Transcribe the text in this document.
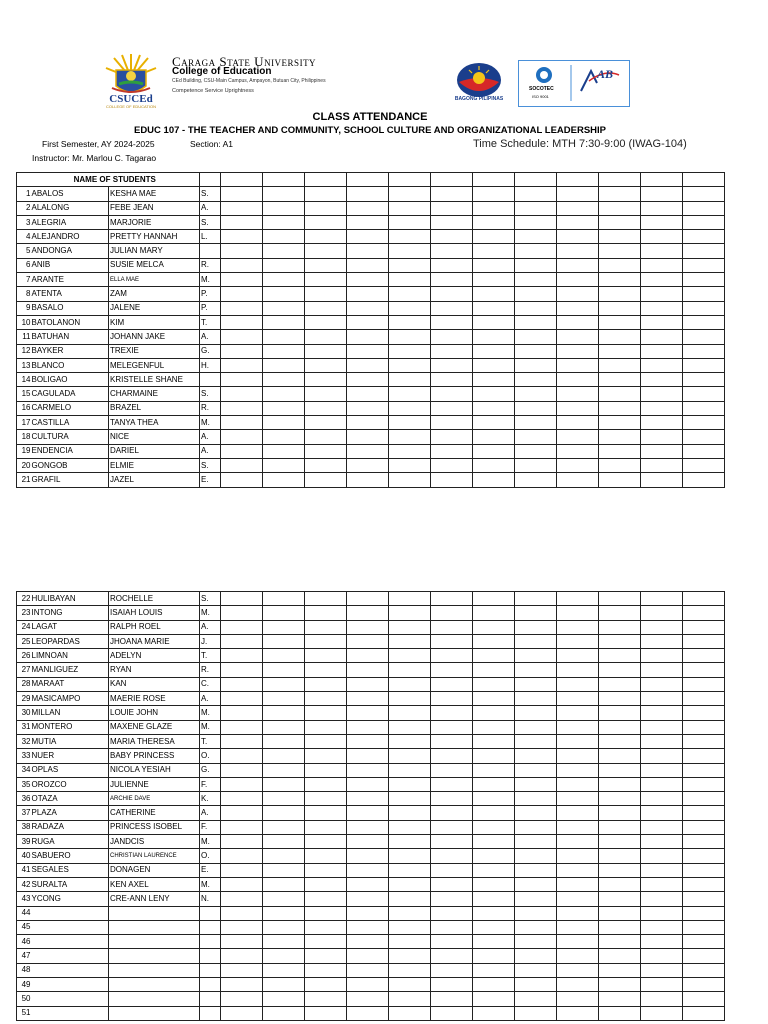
CSUCEd
COLLEGE OF EDUCATION
Caraga State University
College of Education
CEd Building, CSU-Main Campus, Ampayon, Butuan City, Philippines
Competence Service Uprightness
BAGONG PILIPINAS
SOCOTEC
ISO 9001
AB
CLASS ATTENDANCE
EDUC 107 - THE TEACHER AND COMMUNITY, SCHOOL CULTURE AND ORGANIZATIONAL LEADERSHIP
First Semester, AY 2024-2025	Section: A1	Time Schedule: MTH 7:30-9:00 (IWAG-104)
Instructor: Mr. Marlou C. Tagarao
	NAME OF STUDENTS														
1	ABALOS	KESHA MAE	S.												
2	ALALONG	FEBE JEAN	A.												
3	ALEGRIA	MARJORIE	S.												
4	ALEJANDRO	PRETTY HANNAH	L.												
5	ANDONGA	JULIAN MARY													
6	ANIB	SUSIE MELCA	R.												
7	ARANTE	ELLA MAE	M.												
8	ATENTA	ZAM	P.												
9	BASALO	JALENE	P.												
10	BATOLANON	KIM	T.												
11	BATUHAN	JOHANN JAKE	A.												
12	BAYKER	TREXIE	G.												
13	BLANCO	MELEGENFUL	H.												
14	BOLIGAO	KRISTELLE SHANE													
15	CAGULADA	CHARMAINE	S.												
16	CARMELO	BRAZEL	R.												
17	CASTILLA	TANYA THEA	M.												
18	CULTURA	NICE	A.												
19	ENDENCIA	DARIEL	A.												
20	GONGOB	ELMIE	S.												
21	GRAFIL	JAZEL	E.												
22	HULIBAYAN	ROCHELLE	S.												
23	INTONG	ISAIAH LOUIS	M.												
24	LAGAT	RALPH ROEL	A.												
25	LEOPARDAS	JHOANA MARIE	J.												
26	LIMNOAN	ADELYN	T.												
27	MANLIGUEZ	RYAN	R.												
28	MARAAT	KAN	C.												
29	MASICAMPO	MAERIE ROSE	A.												
30	MILLAN	LOUIE JOHN	M.												
31	MONTERO	MAXENE GLAZE	M.												
32	MUTIA	MARIA THERESA	T.												
33	NUER	BABY PRINCESS	O.												
34	OPLAS	NICOLA YESIAH	G.												
35	OROZCO	JULIENNE	F.												
36	OTAZA	ARCHIE DAVE	K.												
37	PLAZA	CATHERINE	A.												
38	RADAZA	PRINCESS ISOBEL	F.												
39	RUGA	JANDCIS	M.												
40	SABUERO	CHRISTIAN LAURENCE	O.												
41	SEGALES	DONAGEN	E.												
42	SURALTA	KEN AXEL	M.												
43	YCONG	CRE-ANN LENY	N.												
44															
45															
46															
47															
48															
49															
50															
51															
